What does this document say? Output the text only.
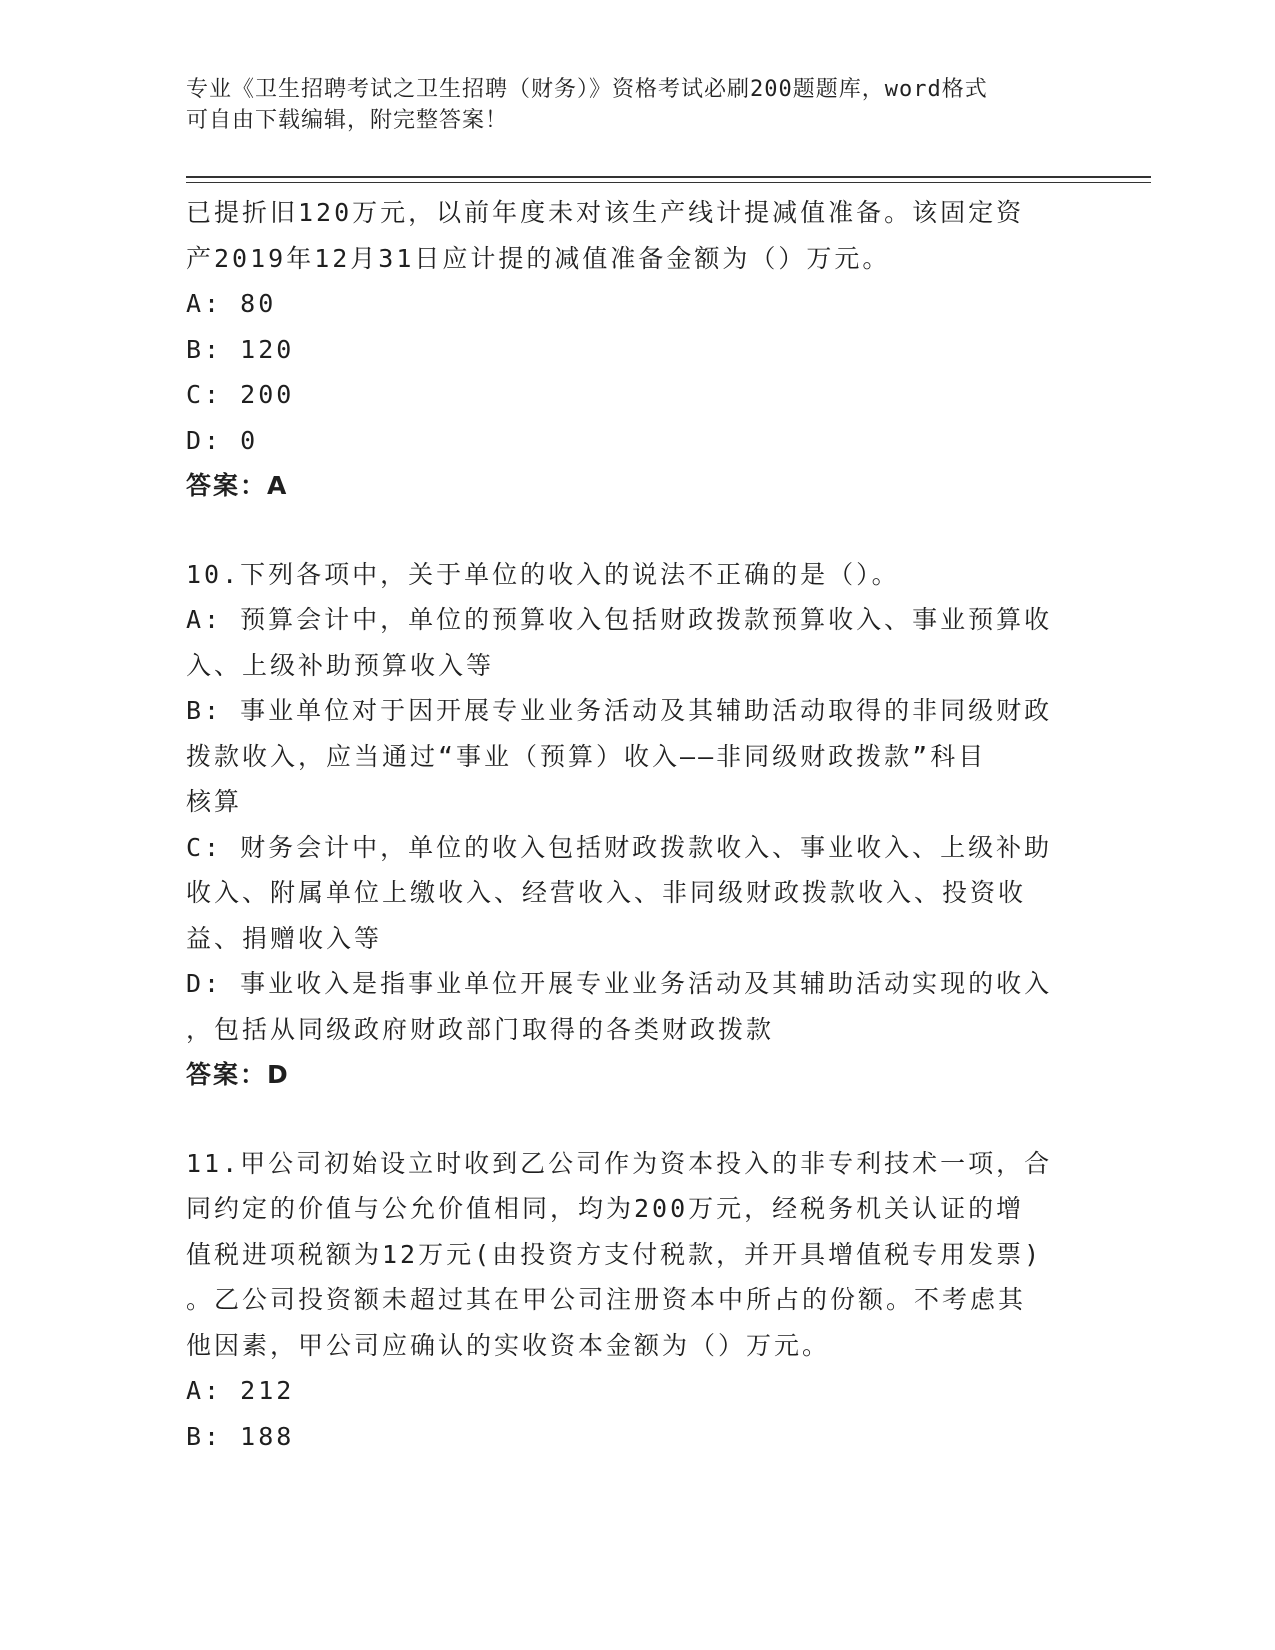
专业《卫生招聘考试之卫生招聘（财务）》资格考试必刷200题题库，word格式
可自由下载编辑，附完整答案！
已提折旧120万元，以前年度未对该生产线计提减值准备。该固定资
产2019年12月31日应计提的减值准备金额为（）万元。
A: 80
B: 120
C: 200
D: 0
答案：A
10.下列各项中，关于单位的收入的说法不正确的是（）。
A: 预算会计中，单位的预算收入包括财政拨款预算收入、事业预算收
入、上级补助预算收入等
B: 事业单位对于因开展专业业务活动及其辅助活动取得的非同级财政
拨款收入，应当通过“事业（预算）收入——非同级财政拨款”科目
核算
C: 财务会计中，单位的收入包括财政拨款收入、事业收入、上级补助
收入、附属单位上缴收入、经营收入、非同级财政拨款收入、投资收
益、捐赠收入等
D: 事业收入是指事业单位开展专业业务活动及其辅助活动实现的收入
，包括从同级政府财政部门取得的各类财政拨款
答案：D
11.甲公司初始设立时收到乙公司作为资本投入的非专利技术一项，合
同约定的价值与公允价值相同，均为200万元，经税务机关认证的增
值税进项税额为12万元(由投资方支付税款，并开具增值税专用发票)
。乙公司投资额未超过其在甲公司注册资本中所占的份额。不考虑其
他因素，甲公司应确认的实收资本金额为（）万元。
A: 212
B: 188
